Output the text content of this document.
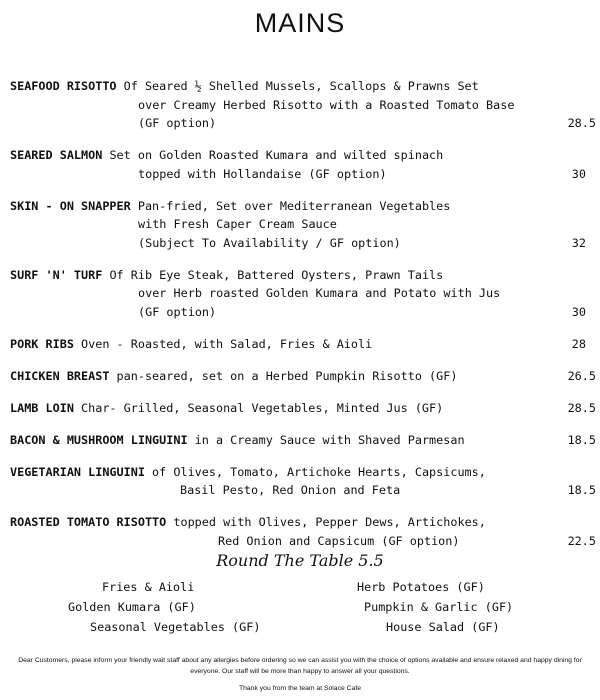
MAINS
SEAFOOD RISOTTO Of Seared ½ Shelled Mussels, Scallops & Prawns Set
over Creamy Herbed Risotto with a Roasted Tomato Base
(GF option)	28.5
SEARED SALMON Set on Golden Roasted Kumara and wilted spinach
topped with Hollandaise (GF option)	30
SKIN - ON SNAPPER Pan-fried, Set over Mediterranean Vegetables
with Fresh Caper Cream Sauce
(Subject To Availability / GF option)	32
SURF 'N' TURF Of Rib Eye Steak, Battered Oysters, Prawn Tails
over Herb roasted Golden Kumara and Potato with Jus
(GF option)	30
PORK RIBS Oven - Roasted, with Salad, Fries & Aioli	28
CHICKEN BREAST pan-seared, set on a Herbed Pumpkin Risotto (GF)	26.5
LAMB LOIN Char- Grilled, Seasonal Vegetables, Minted Jus (GF)	28.5
BACON & MUSHROOM LINGUINI in a Creamy Sauce with Shaved Parmesan	18.5
VEGETARIAN LINGUINI of Olives, Tomato, Artichoke Hearts, Capsicums,
Basil Pesto, Red Onion and Feta	18.5
ROASTED TOMATO RISOTTO topped with Olives, Pepper Dews, Artichokes,
Red Onion and Capsicum (GF option)	22.5
Round The Table 5.5
Fries & Aioli
Golden Kumara (GF)
Seasonal Vegetables (GF)
Herb Potatoes (GF)
Pumpkin & Garlic (GF)
House Salad (GF)
Dear Customers, please inform your friendly wait staff about any allergies before ordering so we can assist you with the choice of options available and ensure relaxed and happy dining for everyone. Our staff will be more than happy to answer all your questions.
Thank you from the team at Solace Cafe
